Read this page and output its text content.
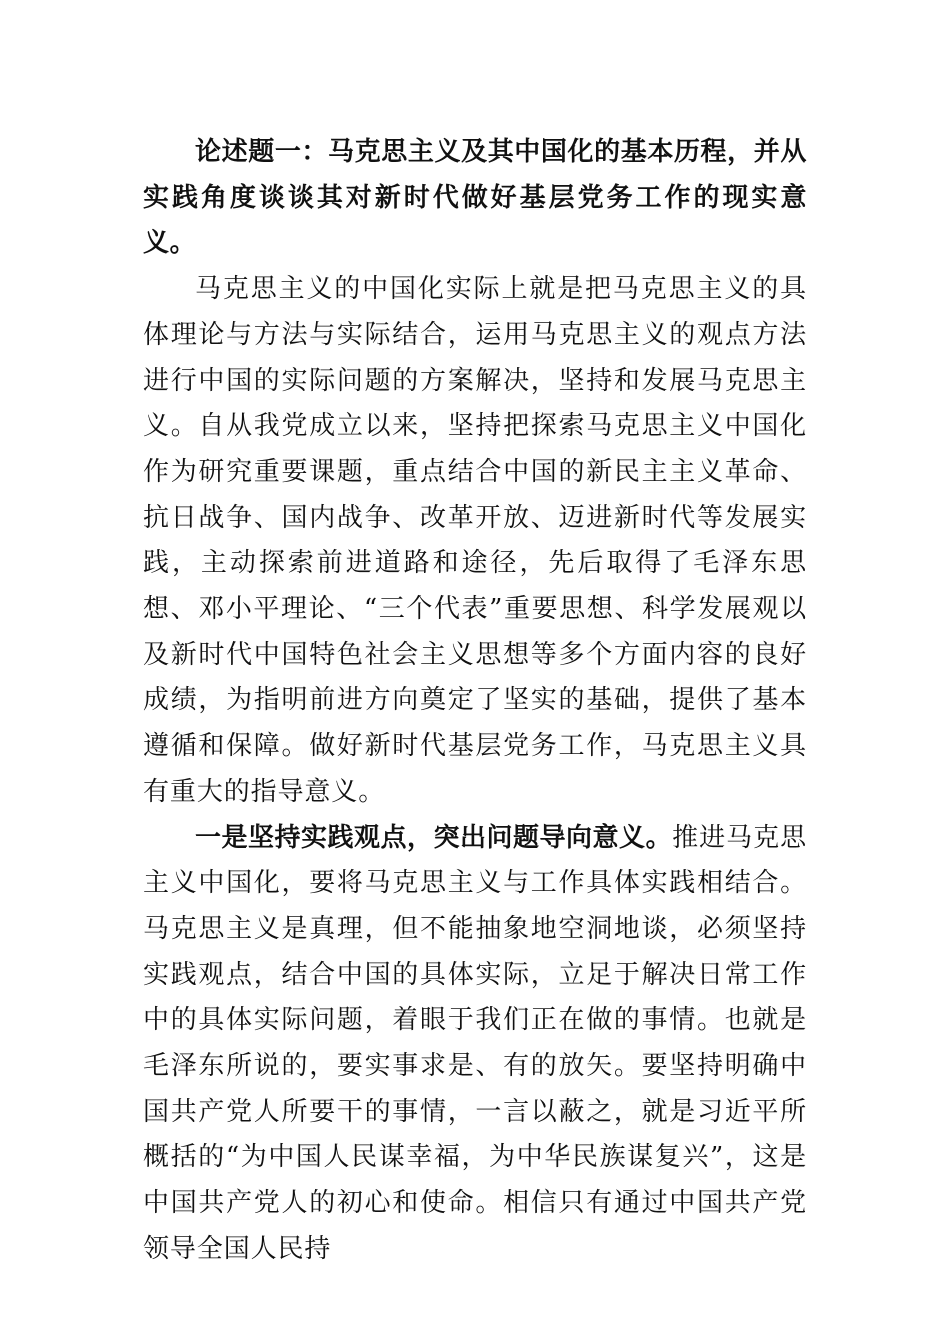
论述题一：马克思主义及其中国化的基本历程，并从实践角度谈谈其对新时代做好基层党务工作的现实意义。

马克思主义的中国化实际上就是把马克思主义的具体理论与方法与实际结合，运用马克思主义的观点方法进行中国的实际问题的方案解决，坚持和发展马克思主义。自从我党成立以来，坚持把探索马克思主义中国化作为研究重要课题，重点结合中国的新民主主义革命、抗日战争、国内战争、改革开放、迈进新时代等发展实践，主动探索前进道路和途径，先后取得了毛泽东思想、邓小平理论、“三个代表”重要思想、科学发展观以及新时代中国特色社会主义思想等多个方面内容的良好成绩，为指明前进方向奠定了坚实的基础，提供了基本遵循和保障。做好新时代基层党务工作，马克思主义具有重大的指导意义。

一是坚持实践观点，突出问题导向意义。推进马克思主义中国化，要将马克思主义与工作具体实践相结合。马克思主义是真理，但不能抽象地空洞地谈，必须坚持实践观点，结合中国的具体实际，立足于解决日常工作中的具体实际问题，着眼于我们正在做的事情。也就是毛泽东所说的，要实事求是、有的放矢。要坚持明确中国共产党人所要干的事情，一言以蔽之，就是习近平所概括的“为中国人民谋幸福，为中华民族谋复兴”，这是中国共产党人的初心和使命。相信只有通过中国共产党领导全国人民持
